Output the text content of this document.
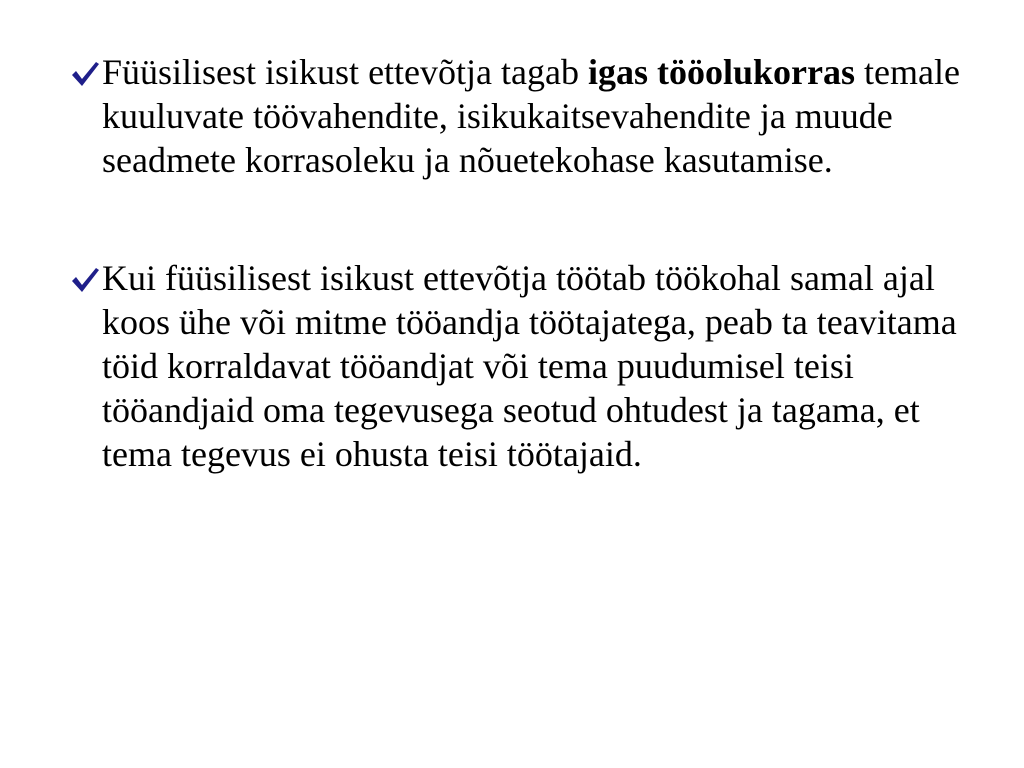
Füüsilisest isikust ettevõtja tagab igas tööolukorras temale kuuluvate töövahendite, isikukaitsevahendite ja muude seadmete korrasoleku ja nõuetekohase kasutamise.
Kui füüsilisest isikust ettevõtja töötab töökohal samal ajal koos ühe või mitme tööandja töötajatega, peab ta teavitama töid korraldavat tööandjat või tema puudumisel teisi tööandjaid oma tegevusega seotud ohtudest ja tagama, et tema tegevus ei ohusta teisi töötajaid.
